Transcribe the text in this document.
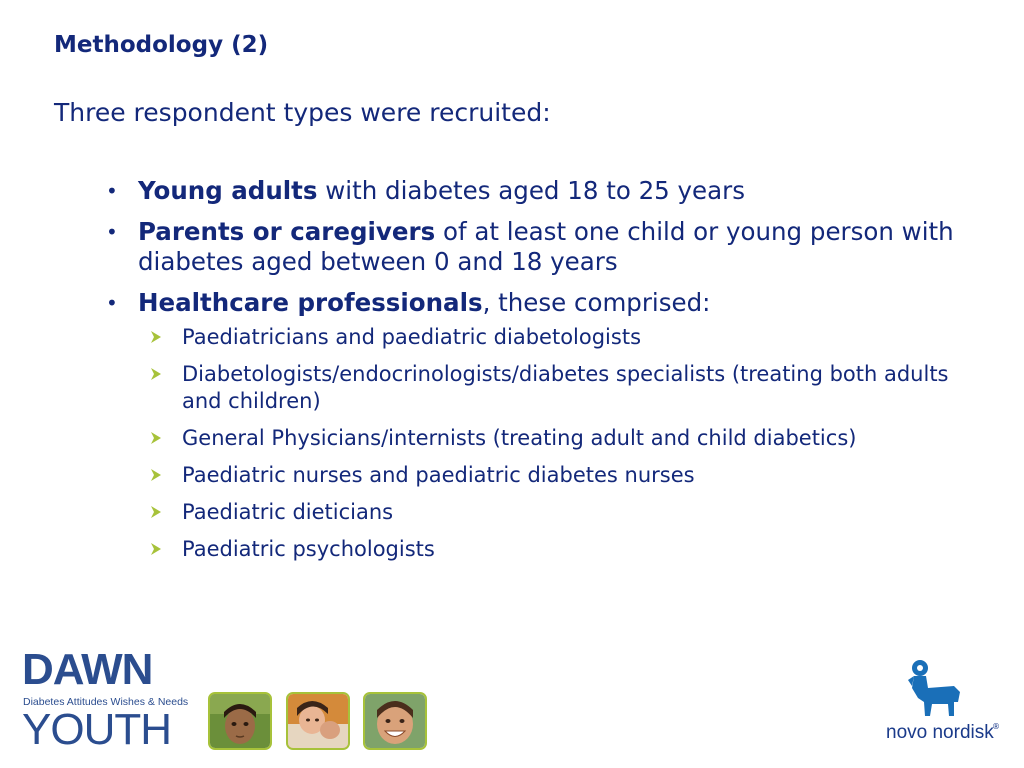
Methodology (2)

Three respondent types were recruited:

• Young adults with diabetes aged 18 to 25 years
• Parents or caregivers of at least one child or young person with diabetes aged between 0 and 18 years
• Healthcare professionals, these comprised:
Paediatricians and paediatric diabetologists
Diabetologists/endocrinologists/diabetes specialists (treating both adults and children)
General Physicians/internists (treating adult and child diabetics)
Paediatric nurses and paediatric diabetes nurses
Paediatric dieticians
Paediatric psychologists
DAWN
Diabetes Attitudes Wishes & Needs
YOUTH	novo nordisk
®
